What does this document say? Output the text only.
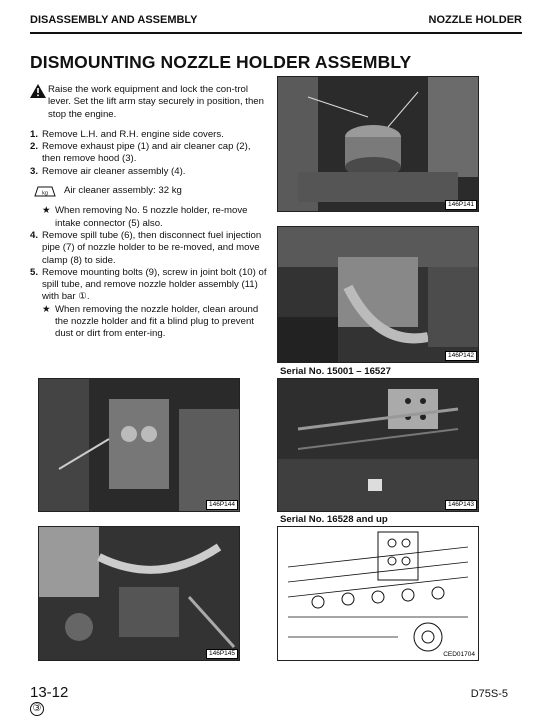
DISASSEMBLY AND ASSEMBLY	NOZZLE HOLDER
DISMOUNTING NOZZLE HOLDER ASSEMBLY
Raise the work equipment and lock the con-trol lever. Set the lift arm stay securely in position, then stop the engine.
1. Remove L.H. and R.H. engine side covers.
2. Remove exhaust pipe (1) and air cleaner cap (2), then remove hood (3).
3. Remove air cleaner assembly (4).
kg Air cleaner assembly: 32 kg
★ When removing No. 5 nozzle holder, re-move intake connector (5) also.
4. Remove spill tube (6), then disconnect fuel injection pipe (7) of nozzle holder to be re-moved, and move clamp (8) to side.
5. Remove mounting bolts (9), screw in joint bolt (10) of spill tube, and remove nozzle holder assembly (11) with bar ①.
★ When removing the nozzle holder, clean around the nozzle holder and fit a blind plug to prevent dust or dirt from enter-ing.
146P141
146P142
Serial No. 15001 – 16527
146P143
Serial No. 16528 and up
CED01704
146P144
146P145
13-12
③
D75S-5
